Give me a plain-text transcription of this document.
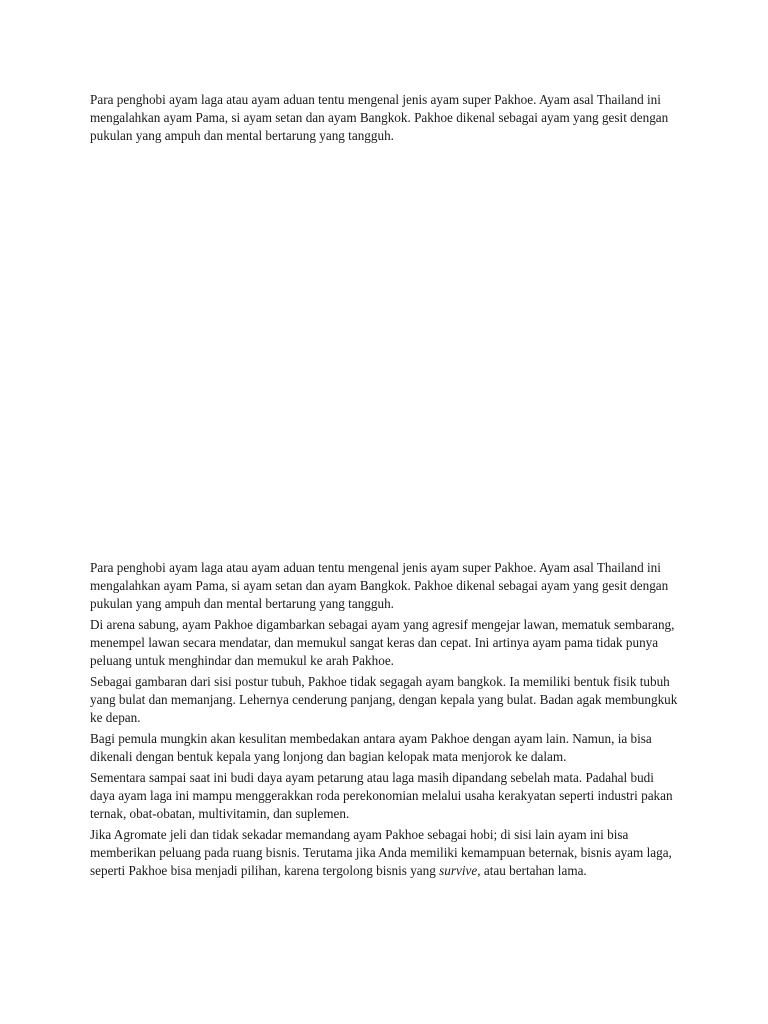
Para penghobi ayam laga atau ayam aduan tentu mengenal jenis ayam super Pakhoe. Ayam asal Thailand ini
mengalahkan ayam Pama, si ayam setan dan ayam Bangkok. Pakhoe dikenal sebagai ayam yang gesit dengan
pukulan yang ampuh dan mental bertarung yang tangguh.

Para penghobi ayam laga atau ayam aduan tentu mengenal jenis ayam super Pakhoe. Ayam asal Thailand ini
mengalahkan ayam Pama, si ayam setan dan ayam Bangkok. Pakhoe dikenal sebagai ayam yang gesit dengan
pukulan yang ampuh dan mental bertarung yang tangguh.

Di arena sabung, ayam Pakhoe digambarkan sebagai ayam yang agresif mengejar lawan, mematuk sembarang,
menempel lawan secara mendatar, dan memukul sangat keras dan cepat. Ini artinya ayam pama tidak punya
peluang untuk menghindar dan memukul ke arah Pakhoe.

Sebagai gambaran dari sisi postur tubuh, Pakhoe tidak segagah ayam bangkok. Ia memiliki bentuk fisik tubuh
yang bulat dan memanjang. Lehernya cenderung panjang, dengan kepala yang bulat. Badan agak membungkuk
ke depan.

Bagi pemula mungkin akan kesulitan membedakan antara ayam Pakhoe dengan ayam lain. Namun, ia bisa
dikenali dengan bentuk kepala yang lonjong dan bagian kelopak mata menjorok ke dalam.

Sementara sampai saat ini budi daya ayam petarung atau laga masih dipandang sebelah mata. Padahal budi
daya ayam laga ini mampu menggerakkan roda perekonomian melalui usaha kerakyatan seperti industri pakan
ternak, obat-obatan, multivitamin, dan suplemen.

Jika Agromate jeli dan tidak sekadar memandang ayam Pakhoe sebagai hobi; di sisi lain ayam ini bisa
memberikan peluang pada ruang bisnis. Terutama jika Anda memiliki kemampuan beternak, bisnis ayam laga,
seperti Pakhoe bisa menjadi pilihan, karena tergolong bisnis yang survive, atau bertahan lama.
